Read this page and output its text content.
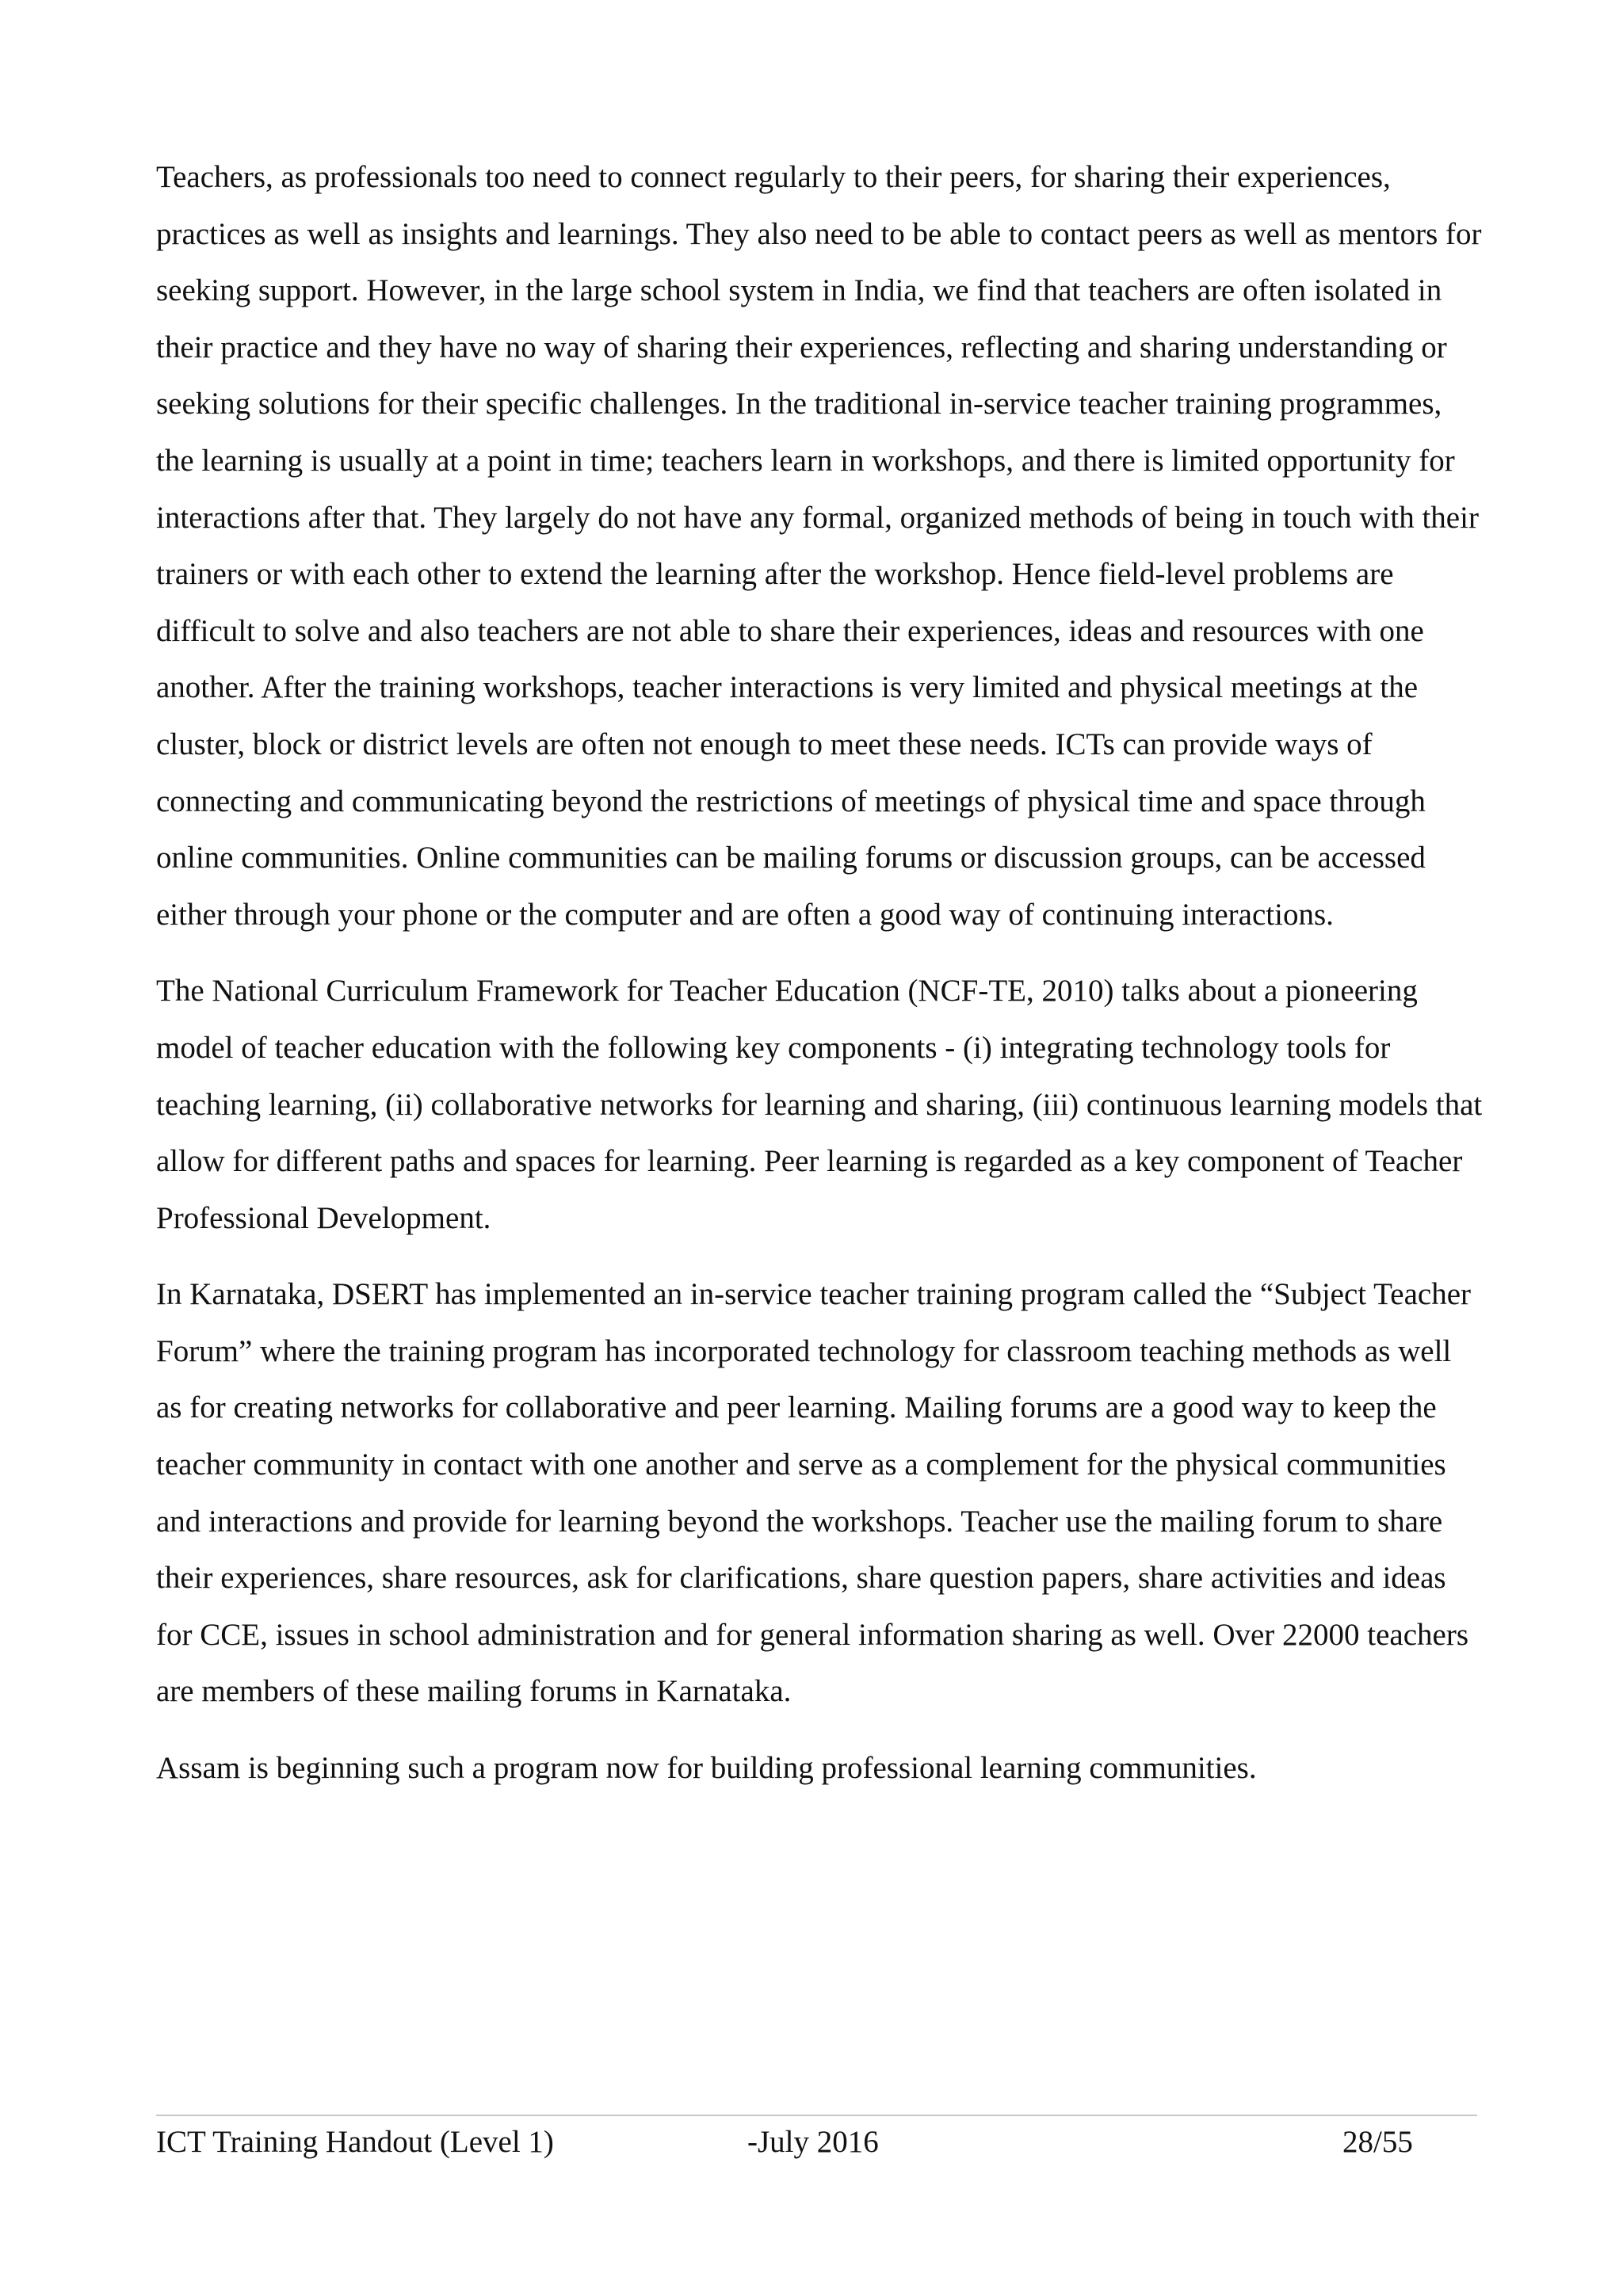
Teachers, as professionals too need to connect regularly to their peers, for sharing their experiences, practices as well as insights and learnings. They also need to be able to contact peers as well as mentors for seeking support. However, in the large school system in India, we find that teachers are often isolated in their practice and they have no way of sharing their experiences, reflecting and sharing understanding or seeking solutions for their specific challenges. In the traditional in-service teacher training programmes, the learning is usually at a point in time; teachers learn in workshops, and there is limited opportunity for interactions after that. They largely do not have any formal, organized methods of being in touch with their trainers or with each other to extend the learning after the workshop. Hence field-level problems are difficult to solve and also teachers are not able to share their experiences, ideas and resources with one another. After the training workshops, teacher interactions is very limited and physical meetings at the cluster, block or district levels are often not enough to meet these needs. ICTs can provide ways of connecting and communicating beyond the restrictions of meetings of physical time and space through online communities. Online communities can be mailing forums or discussion groups, can be accessed either through your phone or the computer and are often a good way of continuing interactions.

The National Curriculum Framework for Teacher Education (NCF-TE, 2010) talks about a pioneering model of teacher education with the following key components - (i) integrating technology tools for teaching learning, (ii) collaborative networks for learning and sharing, (iii) continuous learning models that allow for different paths and spaces for learning. Peer learning is regarded as a key component of Teacher Professional Development.

In Karnataka, DSERT has implemented an in-service teacher training program called the “Subject Teacher Forum” where the training program has incorporated technology for classroom teaching methods as well as for creating networks for collaborative and peer learning. Mailing forums are a good way to keep the teacher community in contact with one another and serve as a complement for the physical communities and interactions and provide for learning beyond the workshops. Teacher use the mailing forum to share their experiences, share resources, ask for clarifications, share question papers, share activities and ideas for CCE, issues in school administration and for general information sharing as well. Over 22000 teachers are members of these mailing forums in Karnataka.

Assam is beginning such a program now for building professional learning communities.

ICT Training Handout (Level 1)	-July 2016	28/55
